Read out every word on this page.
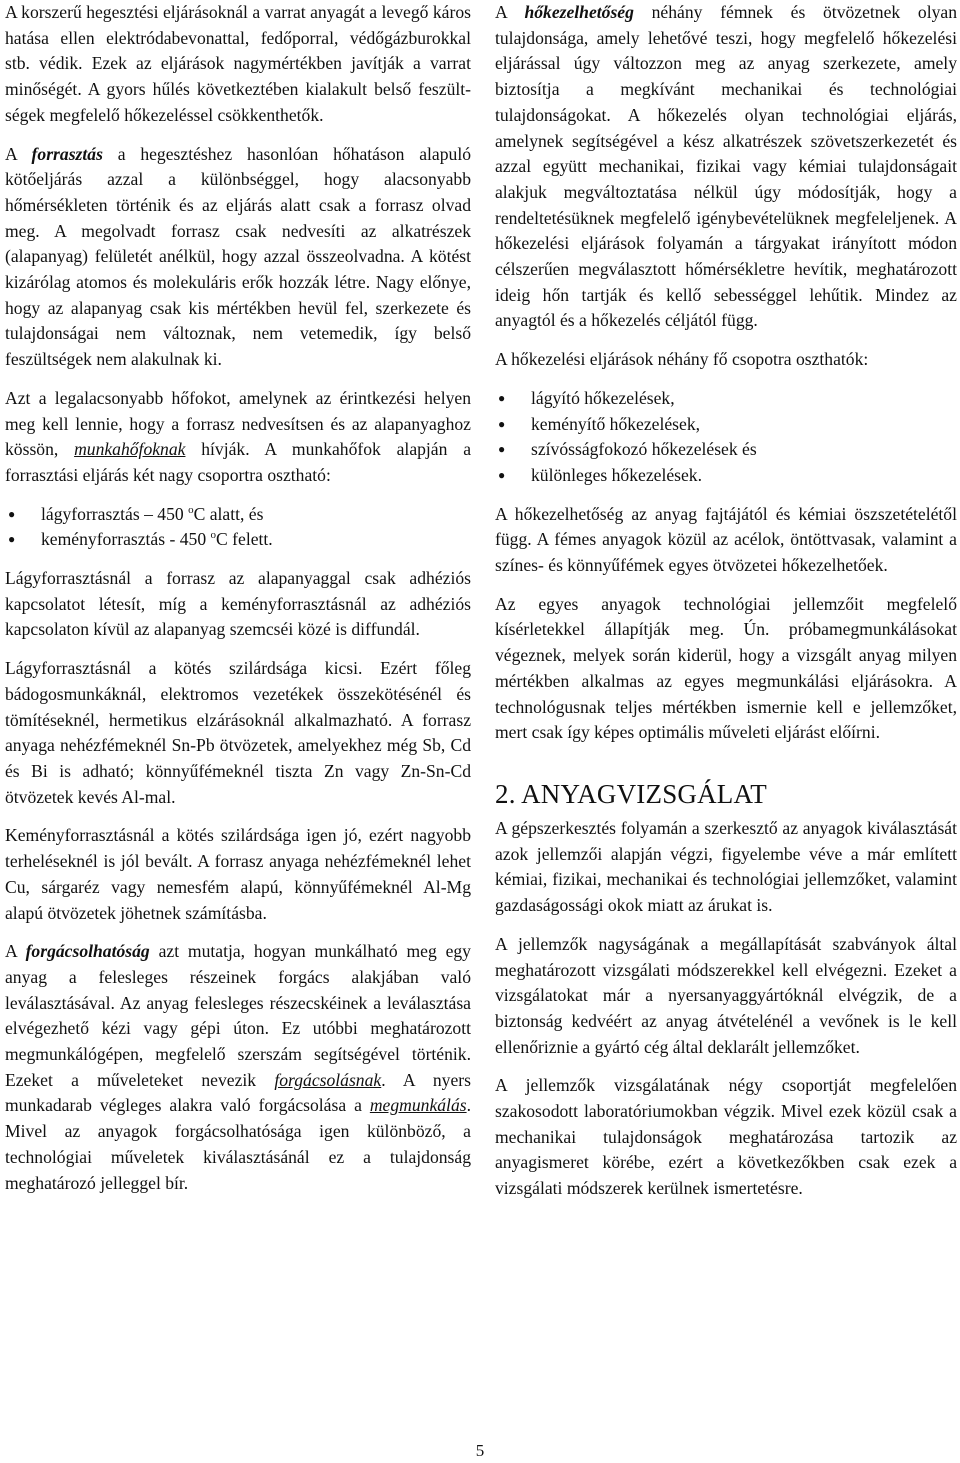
A korszerű hegesztési eljárásoknál a varrat anyagát a levegő káros hatása ellen elektródabevonattal, fedőporral, védőgázburokkal stb. védik. Ezek az eljárások nagymértékben javítják a varrat minőségét. A gyors hűlés következtében kialakult belső feszültségek megfelelő hőkezeléssel csökkenthetők.

A forrasztás a hegesztéshez hasonlóan hőhatáson alapuló kötőeljárás azzal a különbséggel, hogy alacsonyabb hőmérsékleten történik és az eljárás alatt csak a forrasz olvad meg. A megolvadt forrasz csak nedvesíti az alkatrészek (alapanyag) felületét anélkül, hogy azzal összeolvadna. A kötést kizárólag atomos és molekuláris erők hozzák létre. Nagy előnye, hogy az alapanyag csak kis mértékben hevül fel, szerkezete és tulajdonságai nem változnak, nem vetemedik, így belső feszültségek nem alakulnak ki.

Azt a legalacsonyabb hőfokot, amelynek az érintkezési helyen meg kell lennie, hogy a forrasz nedvesítsen és az alapanyaghoz kössön, munkahőfoknak hívják. A munkahőfok alapján a forrasztási eljárás két nagy csoportra osztható:

● lágyforrasztás – 450 $^o$C alatt, és
● keményforrasztás - 450 $^o$C felett.

Lágyforrasztásnál a forrasz az alapanyaggal csak adhéziós kapcsolatot létesít, míg a keményforrasztásnál az adhéziós kapcsolaton kívül az alapanyag szemcséi közé is diffundál.

Lágyforrasztásnál a kötés szilárdsága kicsi. Ezért főleg bádogosmunkáknál, elektromos vezetékek összekötésénél és tömítéseknél, hermetikus elzárásoknál alkalmazható. A forrasz anyaga nehézfémeknél Sn-Pb ötvözetek, amelyekhez még Sb, Cd és Bi is adható; könnyűfémeknél tiszta Zn vagy Zn-Sn-Cd ötvözetek kevés Al-mal.

Keményforrasztásnál a kötés szilárdsága igen jó, ezért nagyobb terheléseknél is jól bevált. A forrasz anyaga nehézfémeknél lehet Cu, sárgaréz vagy nemesfém alapú, könnyűfémeknél Al-Mg alapú ötvözetek jöhetnek számításba.

A forgácsolhatóság azt mutatja, hogyan munkálható meg egy anyag a felesleges részeinek forgács alakjában való leválasztásával. Az anyag felesleges részecskéinek a leválasztása elvégezhető kézi vagy gépi úton. Ez utóbbi meghatározott megmunkálógépen, megfelelő szerszám segítségével történik. Ezeket a műveleteket nevezik forgácsolásnak. A nyers munkadarab végleges alakra való forgácsolása a megmunkálás. Mivel az anyagok forgácsolhatósága igen különböző, a technológiai műveletek kiválasztásánál ez a tulajdonság meghatározó jelleggel bír.

A hőkezelhetőség néhány fémnek és ötvözetnek olyan tulajdonsága, amely lehetővé teszi, hogy megfelelő hőkezelési eljárással úgy változzon meg az anyag szerkezete, amely biztosítja a megkívánt mechanikai és technológiai tulajdonságokat. A hőkezelés olyan technológiai eljárás, amelynek segítségével a kész alkatrészek szövetszerkezetét és azzal együtt mechanikai, fizikai vagy kémiai tulajdonságait alakjuk megváltoztatása nélkül úgy módosítják, hogy a rendeltetésüknek megfelelő igénybevételüknek megfeleljenek. A hőkezelési eljárások folyamán a tárgyakat irányított módon célszerűen megválasztott hőmérsékletre hevítik, meghatározott ideig hőn tartják és kellő sebességgel lehűtik. Mindez az anyagtól és a hőkezelés céljától függ.

A hőkezelési eljárások néhány fő csopotra oszthatók:

● lágyító hőkezelések,
● keményítő hőkezelések,
● szívósságfokozó hőkezelések és
● különleges hőkezelések.

A hőkezelhetőség az anyag fajtájától és kémiai öszszetételétől függ. A fémes anyagok közül az acélok, öntöttvasak, valamint a színes- és könnyűfémek egyes ötvözetei hőkezelhetőek.

Az egyes anyagok technológiai jellemzőit megfelelő kísérletekkel állapítják meg. Ún. próbamegmunkálásokat végeznek, melyek során kiderül, hogy a vizsgált anyag milyen mértékben alkalmas az egyes megmunkálási eljárásokra. A technológusnak teljes mértékben ismernie kell e jellemzőket, mert csak így képes optimális műveleti eljárást előírni.

2. ANYAGVIZSGÁLAT

A gépszerkesztés folyamán a szerkesztő az anyagok kiválasztását azok jellemzői alapján végzi, figyelembe véve a már említett kémiai, fizikai, mechanikai és technológiai jellemzőket, valamint gazdaságossági okok miatt az árukat is.

A jellemzők nagyságának a megállapítását szabványok által meghatározott vizsgálati módszerekkel kell elvégezni. Ezeket a vizsgálatokat már a nyersanyaggyártóknál elvégzik, de a biztonság kedvéért az anyag átvételénél a vevőnek is le kell ellenőriznie a gyártó cég által deklarált jellemzőket.

A jellemzők vizsgálatának négy csoportját megfelelően szakosodott laboratóriumokban végzik. Mivel ezek közül csak a mechanikai tulajdonságok meghatározása tartozik az anyagismeret körébe, ezért a következőkben csak ezek a vizsgálati módszerek kerülnek ismertetésre.

5
